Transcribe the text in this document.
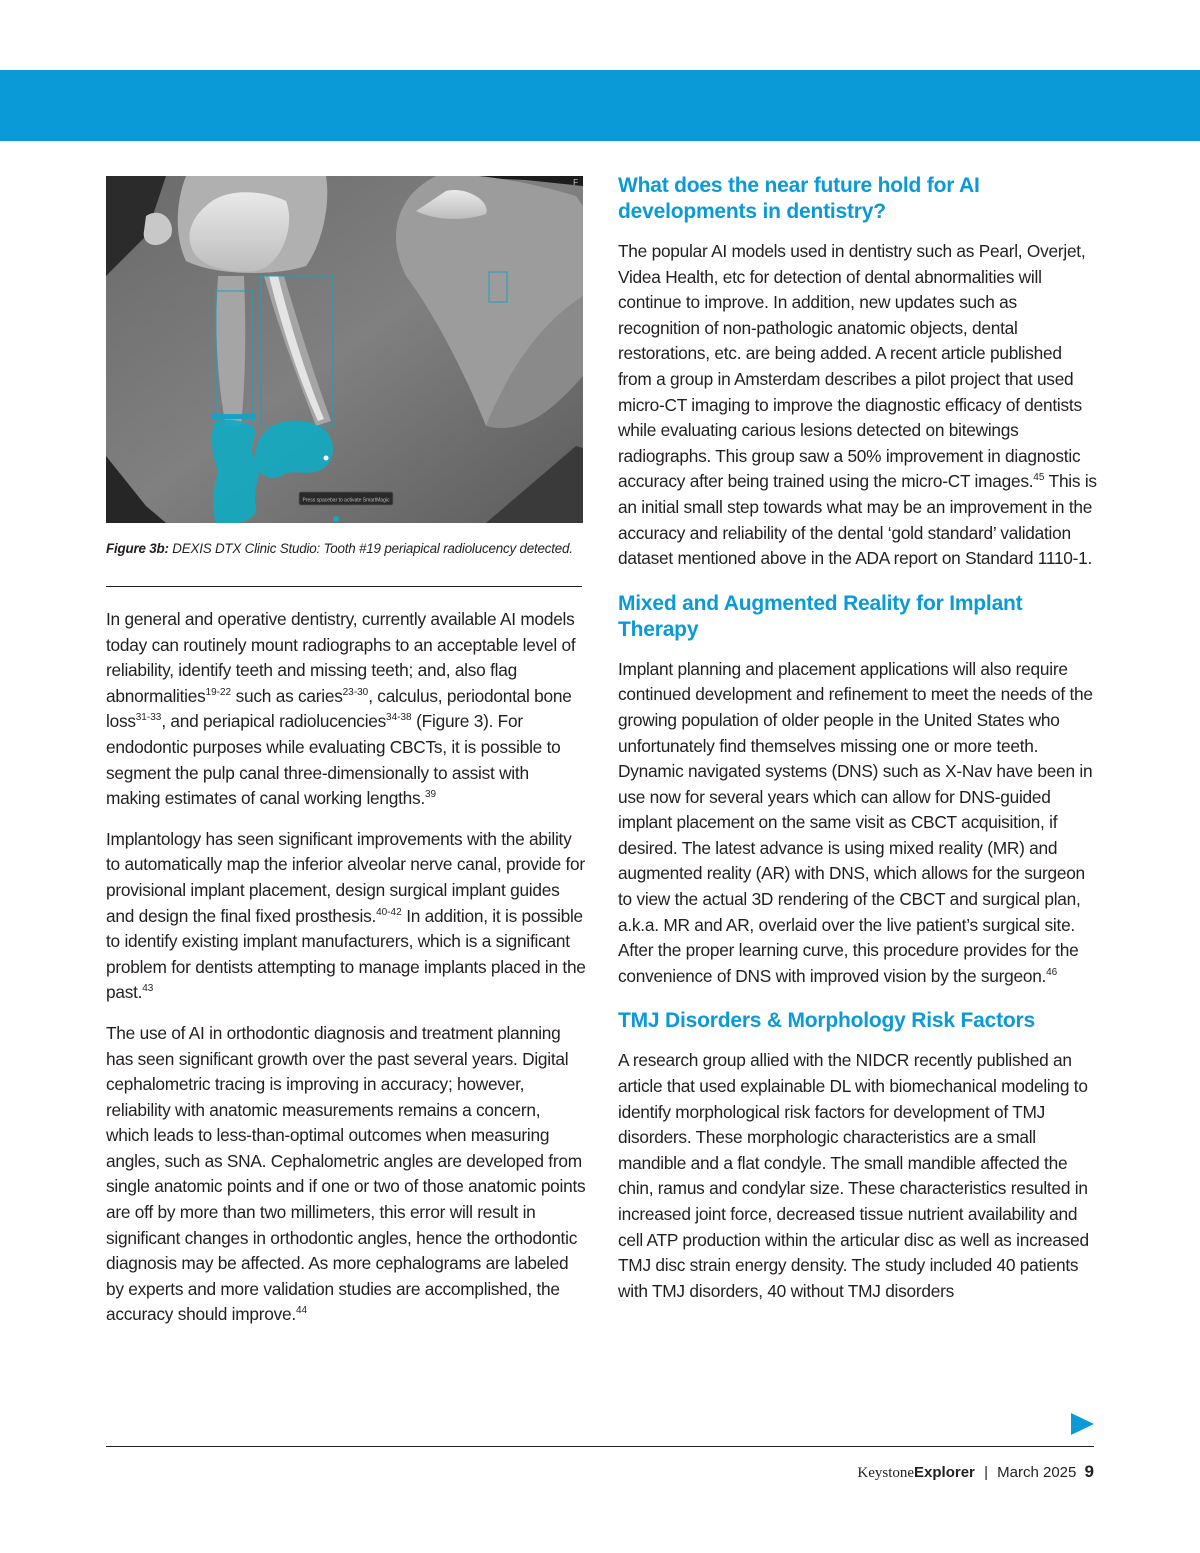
Press spacebar to activate SmartMagic
F
Figure 3b: DEXIS DTX Clinic Studio: Tooth #19 periapical radiolucency detected.

In general and operative dentistry, currently available AI models today can routinely mount radiographs to an acceptable level of reliability, identify teeth and missing teeth; and, also flag abnormalities$^{19-22}$ such as caries$^{23-30}$, calculus, periodontal bone loss$^{31-33}$, and periapical radiolucencies$^{34-38}$ (Figure 3). For endodontic purposes while evaluating CBCTs, it is possible to segment the pulp canal three-dimensionally to assist with making estimates of canal working lengths.$^{39}$

Implantology has seen significant improvements with the ability to automatically map the inferior alveolar nerve canal, provide for provisional implant placement, design surgical implant guides and design the final fixed prosthesis.$^{40-42}$ In addition, it is possible to identify existing implant manufacturers, which is a significant problem for dentists attempting to manage implants placed in the past.$^{43}$

The use of AI in orthodontic diagnosis and treatment planning has seen significant growth over the past several years. Digital cephalometric tracing is improving in accuracy; however, reliability with anatomic measurements remains a concern, which leads to less-than-optimal outcomes when measuring angles, such as SNA. Cephalometric angles are developed from single anatomic points and if one or two of those anatomic points are off by more than two millimeters, this error will result in significant changes in orthodontic angles, hence the orthodontic diagnosis may be affected. As more cephalograms are labeled by experts and more validation studies are accomplished, the accuracy should improve.$^{44}$

What does the near future hold for AI developments in dentistry?

The popular AI models used in dentistry such as Pearl, Overjet, Videa Health, etc for detection of dental abnormalities will continue to improve. In addition, new updates such as recognition of non-pathologic anatomic objects, dental restorations, etc. are being added. A recent article published from a group in Amsterdam describes a pilot project that used micro-CT imaging to improve the diagnostic efficacy of dentists while evaluating carious lesions detected on bitewings radiographs. This group saw a 50% improvement in diagnostic accuracy after being trained using the micro-CT images.$^{45}$ This is an initial small step towards what may be an improvement in the accuracy and reliability of the dental ‘gold standard’ validation dataset mentioned above in the ADA report on Standard 1110-1.

Mixed and Augmented Reality for Implant Therapy

Implant planning and placement applications will also require continued development and refinement to meet the needs of the growing population of older people in the United States who unfortunately find themselves missing one or more teeth. Dynamic navigated systems (DNS) such as X-Nav have been in use now for several years which can allow for DNS-guided implant placement on the same visit as CBCT acquisition, if desired. The latest advance is using mixed reality (MR) and augmented reality (AR) with DNS, which allows for the surgeon to view the actual 3D rendering of the CBCT and surgical plan, a.k.a. MR and AR, overlaid over the live patient’s surgical site. After the proper learning curve, this procedure provides for the convenience of DNS with improved vision by the surgeon.$^{46}$

TMJ Disorders & Morphology Risk Factors

A research group allied with the NIDCR recently published an article that used explainable DL with biomechanical modeling to identify morphological risk factors for development of TMJ disorders. These morphologic characteristics are a small mandible and a flat condyle. The small mandible affected the chin, ramus and condylar size. These characteristics resulted in increased joint force, decreased tissue nutrient availability and cell ATP production within the articular disc as well as increased TMJ disc strain energy density. The study included 40 patients with TMJ disorders, 40 without TMJ disorders

KeystoneExplorer | March 2025 9
